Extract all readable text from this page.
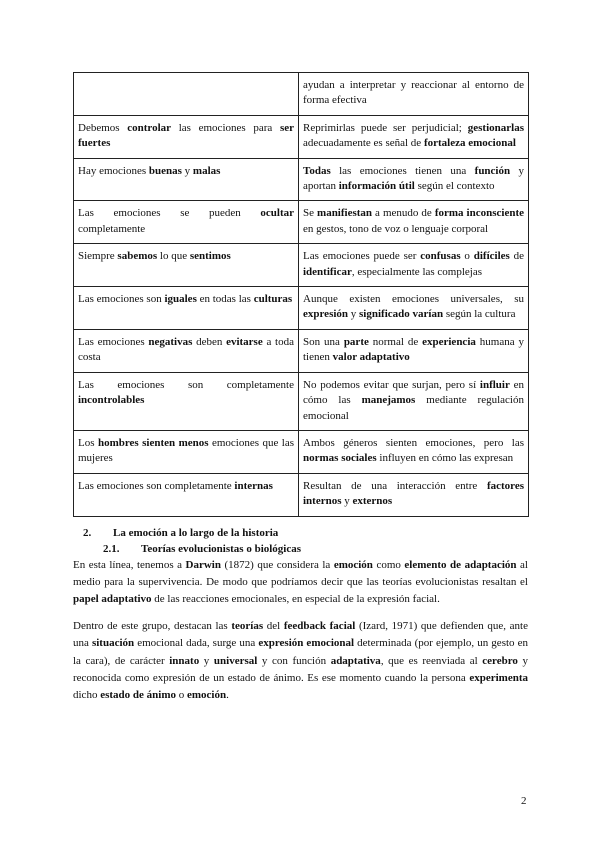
	ayudan a interpretar y reaccionar al entorno de forma efectiva
Debemos controlar las emociones para ser fuertes	Reprimirlas puede ser perjudicial; gestionarlas adecuadamente es señal de fortaleza emocional
Hay emociones buenas y malas	Todas las emociones tienen una función y aportan información útil según el contexto
Las emociones se pueden ocultar completamente	Se manifiestan a menudo de forma inconsciente en gestos, tono de voz o lenguaje corporal
Siempre sabemos lo que sentimos	Las emociones puede ser confusas o difíciles de identificar, especialmente las complejas
Las emociones son iguales en todas las culturas	Aunque existen emociones universales, su expresión y significado varían según la cultura
Las emociones negativas deben evitarse a toda costa	Son una parte normal de experiencia humana y tienen valor adaptativo
Las emociones son completamente incontrolables	No podemos evitar que surjan, pero sí influir en cómo las manejamos mediante regulación emocional
Los hombres sienten menos emociones que las mujeres	Ambos géneros sienten emociones, pero las normas sociales influyen en cómo las expresan
Las emociones son completamente internas	Resultan de una interacción entre factores internos y externos
2. La emoción a lo largo de la historia
2.1. Teorías evolucionistas o biológicas

En esta línea, tenemos a Darwin (1872) que considera la emoción como elemento de adaptación al medio para la supervivencia. De modo que podríamos decir que las teorías evolucionistas resaltan el papel adaptativo de las reacciones emocionales, en especial de la expresión facial.

Dentro de este grupo, destacan las teorías del feedback facial (Izard, 1971) que defienden que, ante una situación emocional dada, surge una expresión emocional determinada (por ejemplo, un gesto en la cara), de carácter innato y universal y con función adaptativa, que es reenviada al cerebro y reconocida como expresión de un estado de ánimo. Es ese momento cuando la persona experimenta dicho estado de ánimo o emoción.

2
